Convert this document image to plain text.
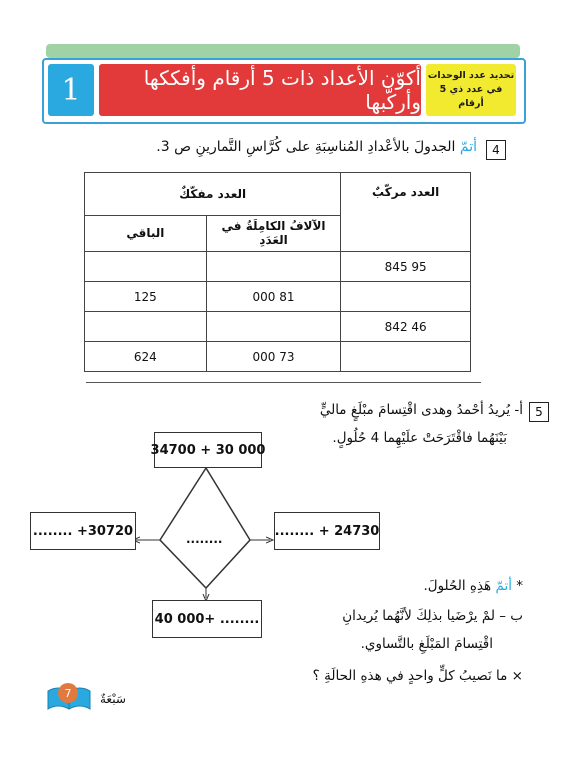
1	أكوّن الأعداد ذات 5 أرقام وأفككها وأركّبها
تحديد عدد الوحدات
في عدد ذي 5 أرقام
4
أتمّ الجدولَ بالأعْدادِ المُناسِبَةِ على كُرَّاسِ التَّمارينِ ص 3.
العدد مركّبٌ	العدد مفكّكٌ	
	الآلافُ الكامِلَةُ في العَدَدِ	الباقي
95 845		
	81 000	125
46 842		
	73 000	624
5
أ- يُريدُ أحْمدُ وهدى اقْتِسامَ مبْلَغٍ ماليٍّ
بَيْنَهُما فاقْتَرَحَتْ علَيْهِما 4 حُلُولٍ.
34700 + 30 000
........ +30720
........
........ + 24730
40 000+ ........
* أتمّ هَذِهِ الحُلولَ.
ب – لمْ يرْضَيا بذلِكَ لأنَّهُما يُريدانِ
اقْتِسامَ المَبْلَغِ بالتَّساوي.
× ما نَصيبُ كلٍّ واحدٍ في هذهِ الحالَةِ ؟
7	سَبْعَةٌ
